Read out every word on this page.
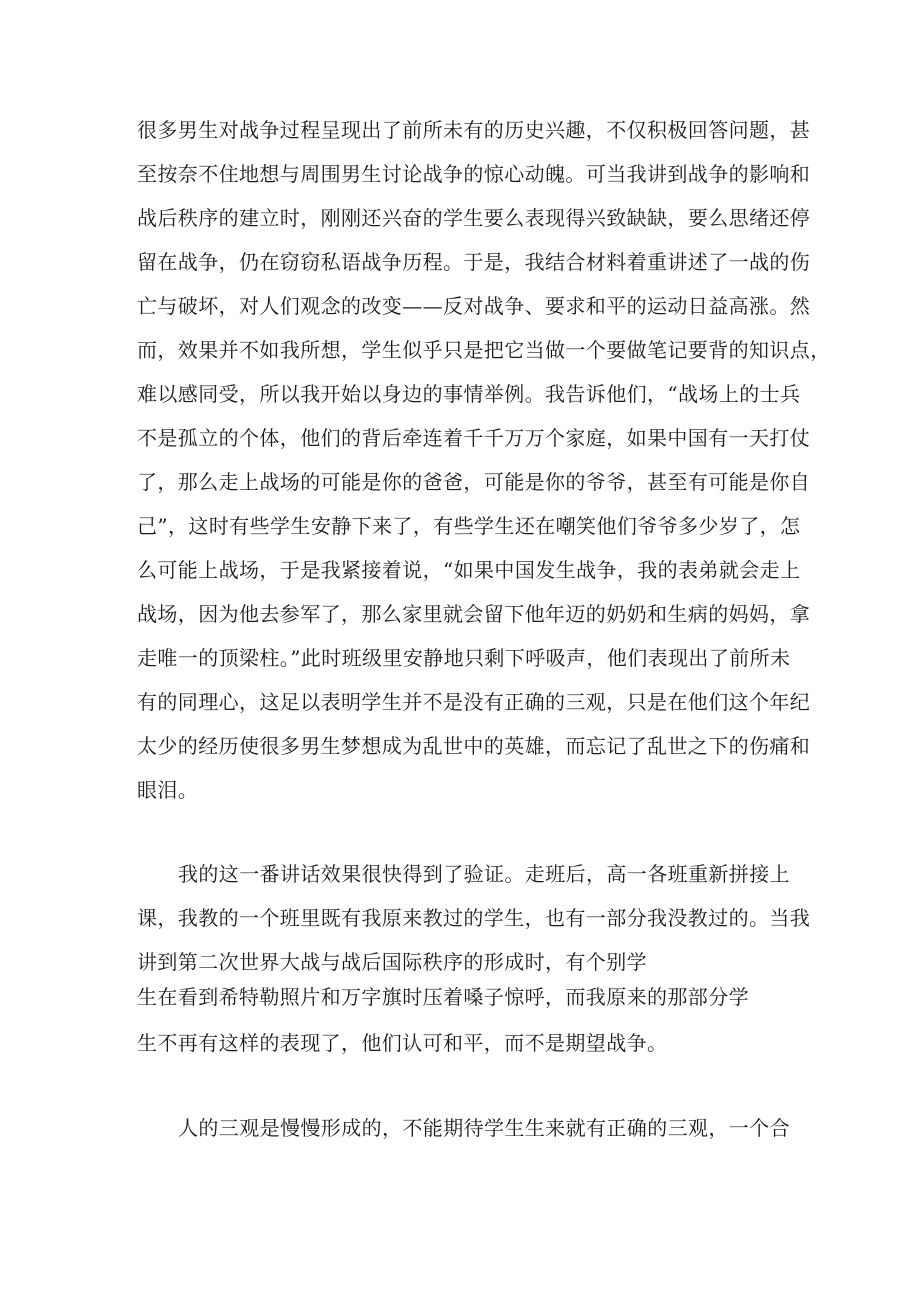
很多男生对战争过程呈现出了前所未有的历史兴趣，不仅积极回答问题，甚
至按奈不住地想与周围男生讨论战争的惊心动魄。可当我讲到战争的影响和
战后秩序的建立时，刚刚还兴奋的学生要么表现得兴致缺缺，要么思绪还停
留在战争，仍在窃窃私语战争历程。于是，我结合材料着重讲述了一战的伤
亡与破坏，对人们观念的改变——反对战争、要求和平的运动日益高涨。然
而，效果并不如我所想，学生似乎只是把它当做一个要做笔记要背的知识点，
难以感同受，所以我开始以身边的事情举例。我告诉他们，“战场上的士兵
不是孤立的个体，他们的背后牵连着千千万万个家庭，如果中国有一天打仗
了，那么走上战场的可能是你的爸爸，可能是你的爷爷，甚至有可能是你自
己”，这时有些学生安静下来了，有些学生还在嘲笑他们爷爷多少岁了，怎
么可能上战场，于是我紧接着说，“如果中国发生战争，我的表弟就会走上
战场，因为他去参军了，那么家里就会留下他年迈的奶奶和生病的妈妈，拿
走唯一的顶梁柱。”此时班级里安静地只剩下呼吸声，他们表现出了前所未
有的同理心，这足以表明学生并不是没有正确的三观，只是在他们这个年纪
太少的经历使很多男生梦想成为乱世中的英雄，而忘记了乱世之下的伤痛和
眼泪。
我的这一番讲话效果很快得到了验证。走班后，高一各班重新拼接上
课，我教的一个班里既有我原来教过的学生，也有一部分我没教过的。当我
讲到第二次世界大战与战后国际秩序的形成时，有个别学
生在看到希特勒照片和万字旗时压着嗓子惊呼，而我原来的那部分学
生不再有这样的表现了，他们认可和平，而不是期望战争。
人的三观是慢慢形成的，不能期待学生生来就有正确的三观，一个合
